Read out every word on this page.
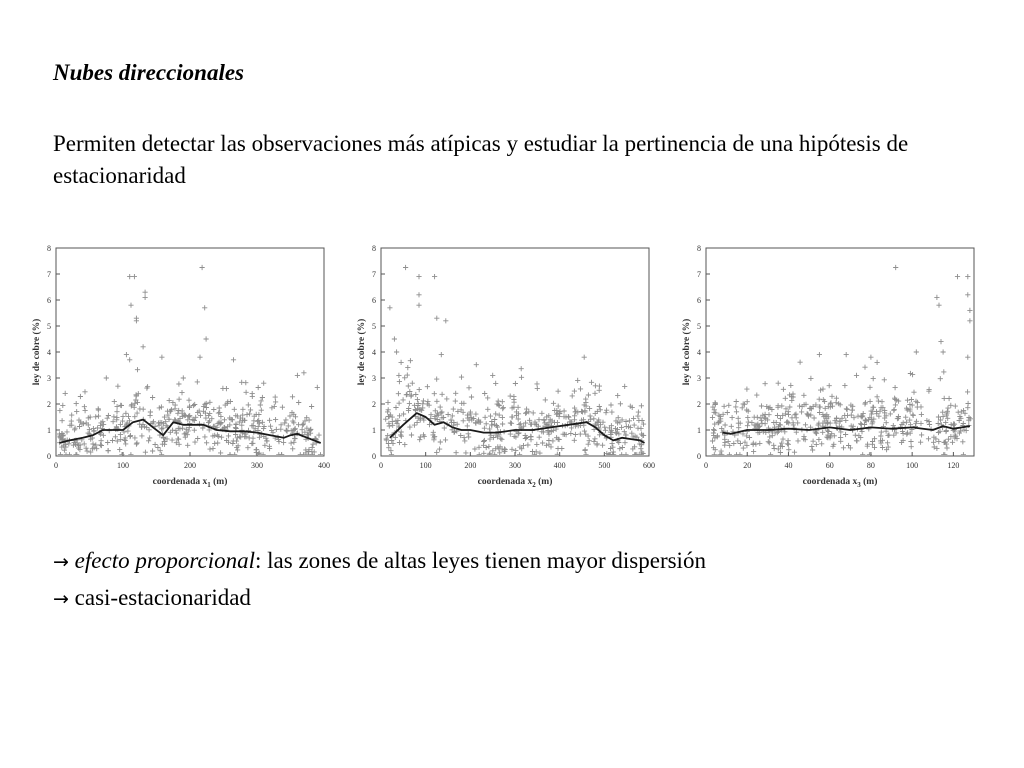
Nubes direccionales

Permiten detectar las observaciones más atípicas y estudiar la pertinencia de una hipótesis de estacionaridad

0
1
2
3
4
5
6
7
8
0	100	200	300	400
ley de cobre (%)
coordenada $x_1$ (m)
0
1
2
3
4
5
6
7
8
0	100	200	300	400	500	600
ley de cobre (%)
coordenada $x_2$ (m)
0
1
2
3
4
5
6
7
8
0	20	40	60	80	100	120
ley de cobre (%)
coordenada $x_3$ (m)
→ efecto proporcional: las zones de altas leyes tienen mayor dispersión
→ casi-estacionaridad
